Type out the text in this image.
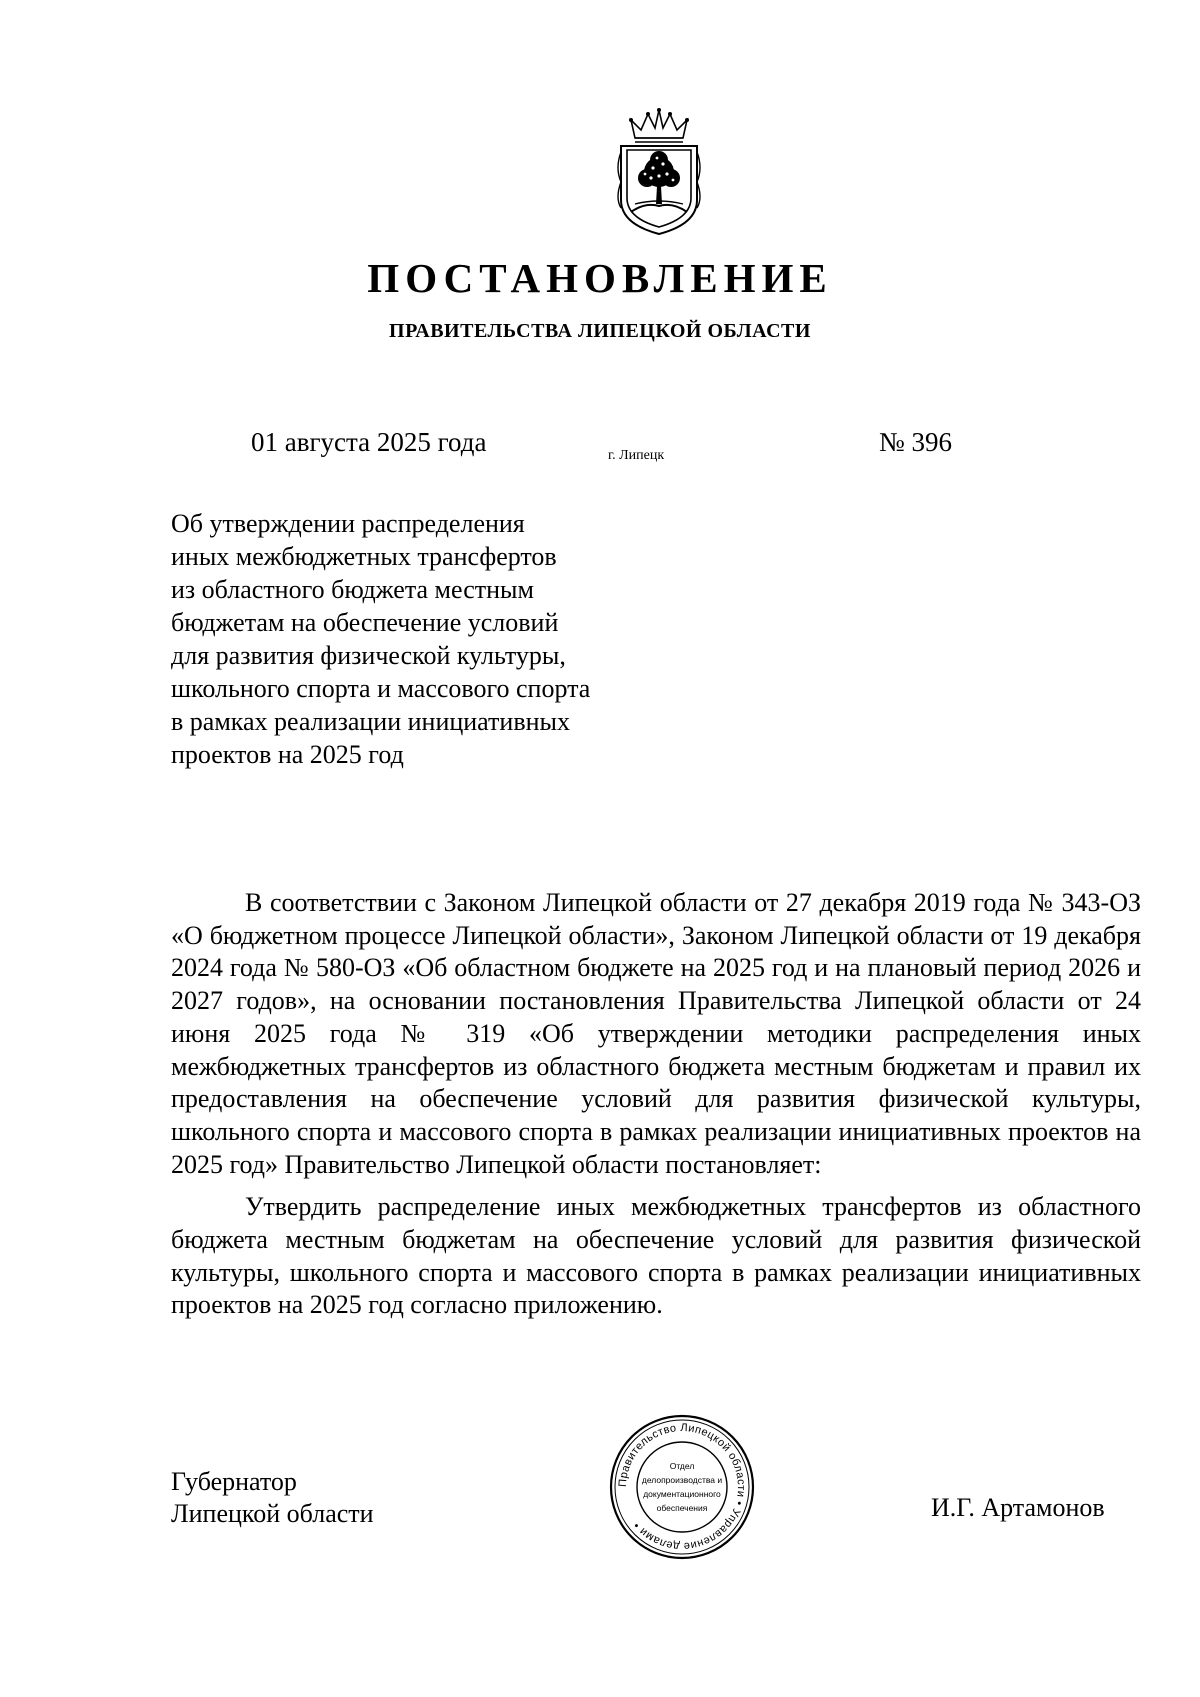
ПОСТАНОВЛЕНИЕ
ПРАВИТЕЛЬСТВА ЛИПЕЦКОЙ ОБЛАСТИ
01 августа 2025 года	г. Липецк	№ 396
Об утверждении распределения
иных межбюджетных трансфертов
из областного бюджета местным
бюджетам на обеспечение условий
для развития физической культуры,
школьного спорта и массового спорта
в рамках реализации инициативных
проектов на 2025 год

В соответствии с Законом Липецкой области от 27 декабря 2019 года № 343-ОЗ «О бюджетном процессе Липецкой области», Законом Липецкой области от 19 декабря 2024 года № 580-ОЗ «Об областном бюджете на 2025 год и на плановый период 2026 и 2027 годов», на основании постановления Правительства Липецкой области от 24 июня 2025 года № 319 «Об утверждении методики распределения иных межбюджетных трансфертов из областного бюджета местным бюджетам и правил их предоставления на обеспечение условий для развития физической культуры, школьного спорта и массового спорта в рамках реализации инициативных проектов на 2025 год» Правительство Липецкой области постановляет:

Утвердить распределение иных межбюджетных трансфертов из областного бюджета местным бюджетам на обеспечение условий для развития физической культуры, школьного спорта и массового спорта в рамках реализации инициативных проектов на 2025 год согласно приложению.

Губернатор
Липецкой области
Правительство Липецкой области • Управление делами •
Отдел
делопроизводства и
документационного
обеспечения	И.Г. Артамонов
